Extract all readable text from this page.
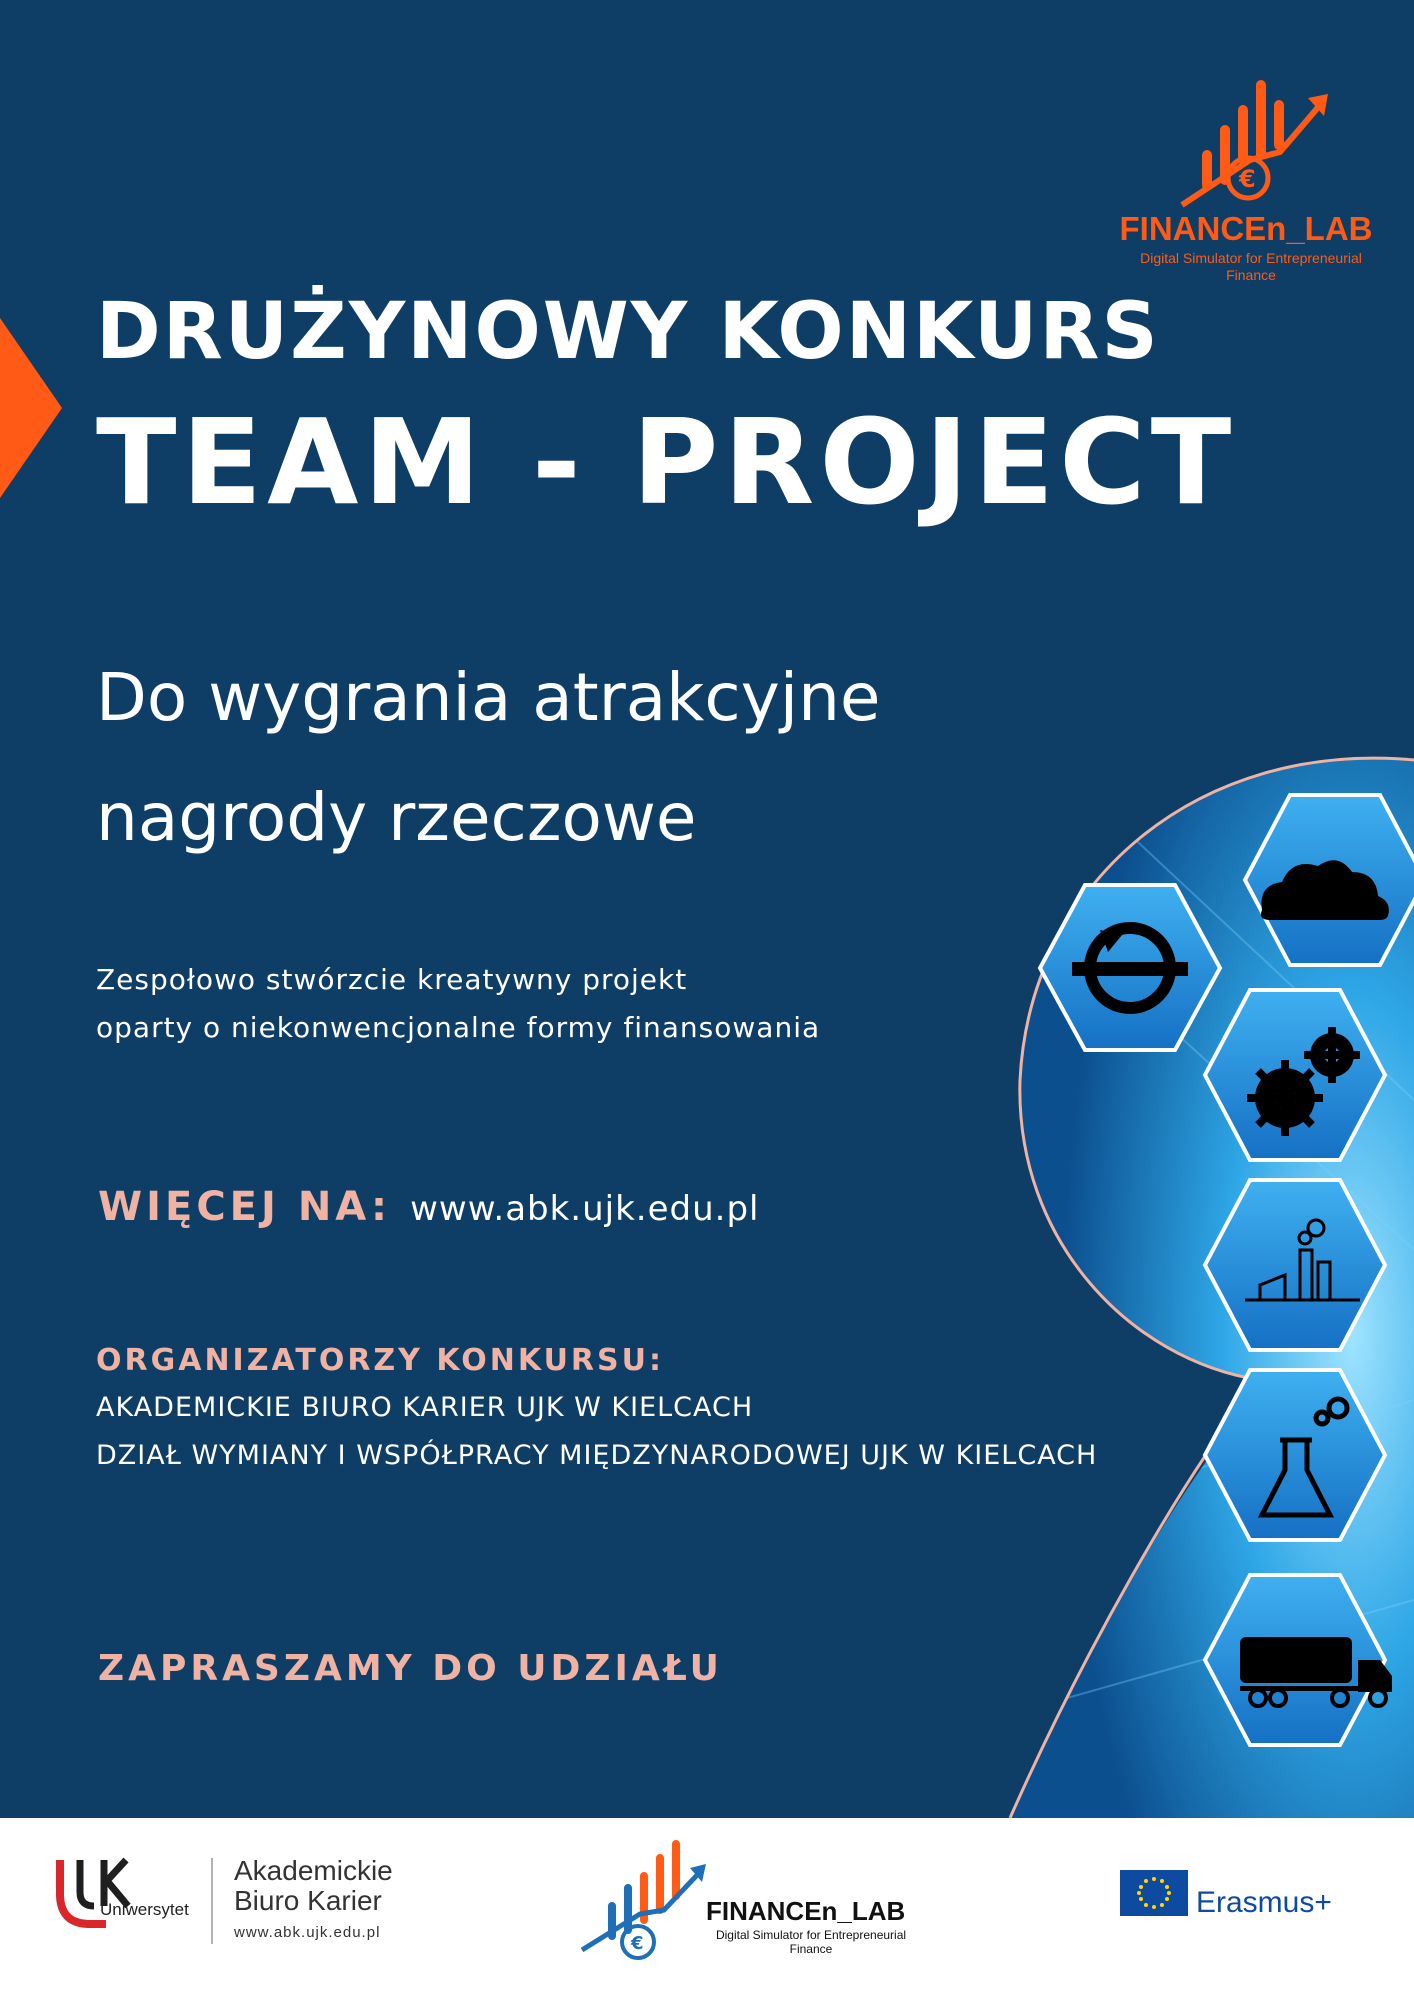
€
FINANCEn_LAB
Digital Simulator for Entrepreneurial Finance
DRUŻYNOWY KONKURS
TEAM - PROJECT
Do wygrania atrakcyjne
nagrody rzeczowe
Zespołowo stwórzcie kreatywny projekt
oparty o niekonwencjonalne formy finansowania
WIĘCEJ NA: www.abk.ujk.edu.pl
ORGANIZATORZY KONKURSU:
AKADEMICKIE BIURO KARIER UJK W KIELCACH
DZIAŁ WYMIANY I WSPÓŁPRACY MIĘDZYNARODOWEJ UJK W KIELCACH
ZAPRASZAMY DO UDZIAŁU
Uniwersytet
Akademickie
Biuro Karier
www.abk.ujk.edu.pl
€
FINANCEn_LAB
Digital Simulator for Entrepreneurial Finance
Erasmus+
